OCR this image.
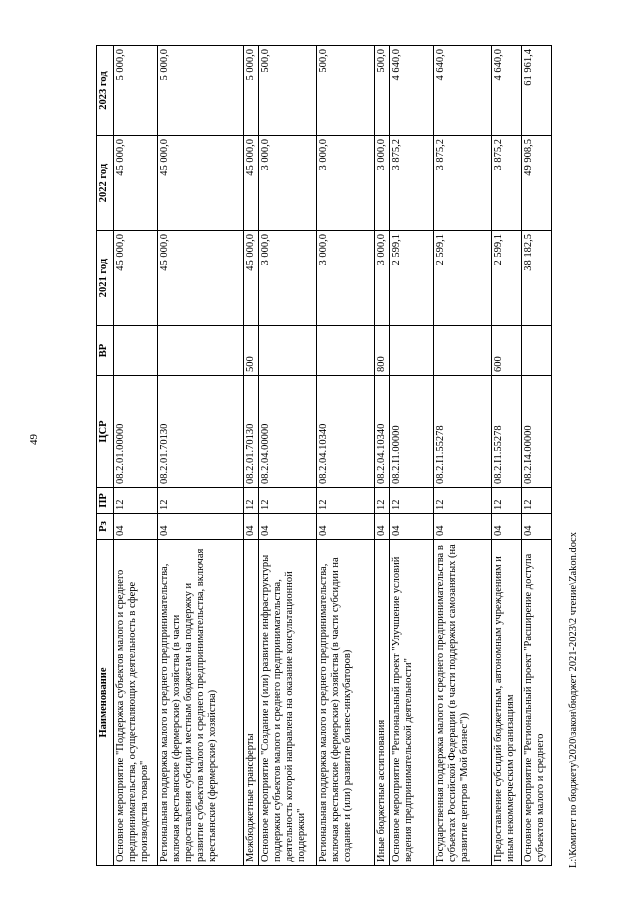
49
Наименование	Рз	ПР	ЦСР	ВР	2021 год	2022 год	2023 год
Основное мероприятие "Поддержка субъектов малого и среднего предпринимательства, осуществляющих деятельность в сфере производства товаров"	04	12	08.2.01.00000		45 000,0	45 000,0	5 000,0
Региональная поддержка малого и среднего предпринимательства, включая крестьянские (фермерские) хозяйства (в части предоставления субсидии местным бюджетам на поддержку и развитие субъектов малого и среднего предпринимательства, включая крестьянские (фермерские) хозяйства)	04	12	08.2.01.70130		45 000,0	45 000,0	5 000,0
Межбюджетные трансферты	04	12	08.2.01.70130	500	45 000,0	45 000,0	5 000,0
Основное мероприятие "Создание и (или) развитие инфраструктуры поддержки субъектов малого и среднего предпринимательства, деятельность которой направлена на оказание консультационной поддержки"	04	12	08.2.04.00000		3 000,0	3 000,0	500,0
Региональная поддержка малого и среднего предпринимательства, включая крестьянские (фермерские) хозяйства (в части субсидии на создание и (или) развитие бизнес-инкубаторов)	04	12	08.2.04.10340		3 000,0	3 000,0	500,0
Иные бюджетные ассигнования	04	12	08.2.04.10340	800	3 000,0	3 000,0	500,0
Основное мероприятие "Региональный проект "Улучшение условий ведения предпринимательской деятельности"	04	12	08.2.I1.00000		2 599,1	3 875,2	4 640,0
Государственная поддержка малого и среднего предпринимательства в субъектах Российской Федерации (в части поддержки самозанятых (на развитие центров "Мой бизнес"))	04	12	08.2.I1.55278		2 599,1	3 875,2	4 640,0
Предоставление субсидий бюджетным, автономным учреждениям и иным некоммерческим организациям	04	12	08.2.I1.55278	600	2 599,1	3 875,2	4 640,0
Основное мероприятие "Региональный проект "Расширение доступа субъектов малого и среднего	04	12	08.2.I4.00000		38 182,5	49 908,5	61 961,4
L:\Комитет по бюджету\2020\закон\бюджет 2021-2023\2 чтение\Zakon.docx
